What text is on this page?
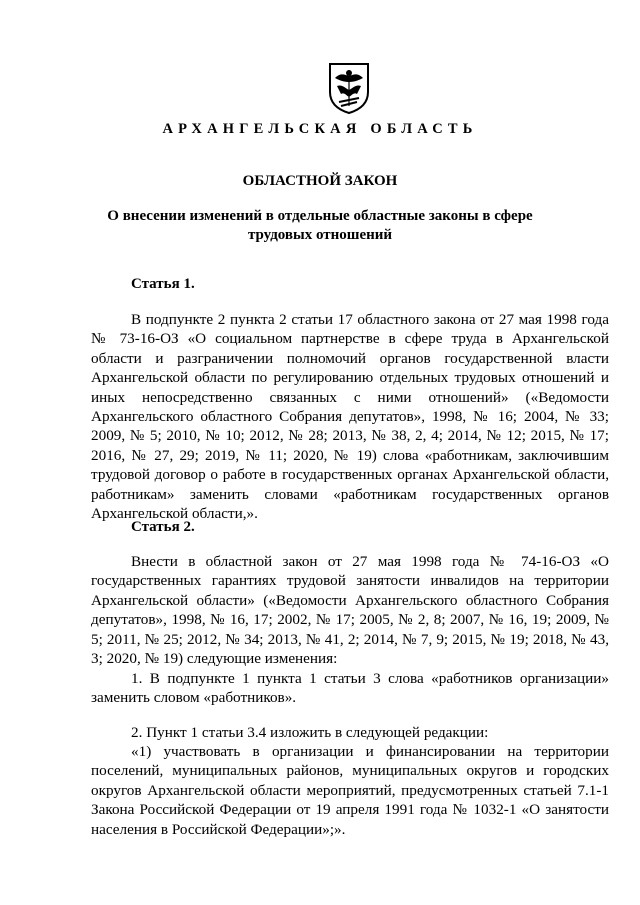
АРХАНГЕЛЬСКАЯ ОБЛАСТЬ
ОБЛАСТНОЙ ЗАКОН
О внесении изменений в отдельные областные законы в сфере трудовых отношений
Статья 1.
В подпункте 2 пункта 2 статьи 17 областного закона от 27 мая 1998 года № 73-16-ОЗ «О социальном партнерстве в сфере труда в Архангельской области и разграничении полномочий органов государственной власти Архангельской области по регулированию отдельных трудовых отношений и иных непосредственно связанных с ними отношений» («Ведомости Архангельского областного Собрания депутатов», 1998, № 16; 2004, № 33; 2009, № 5; 2010, № 10; 2012, № 28; 2013, № 38, 2, 4; 2014, № 12; 2015, № 17; 2016, № 27, 29; 2019, № 11; 2020, № 19) слова «работникам, заключившим трудовой договор о работе в государственных органах Архангельской области, работникам» заменить словами «работникам государственных органов Архангельской области,».
Статья 2.
Внести в областной закон от 27 мая 1998 года № 74-16-ОЗ «О государственных гарантиях трудовой занятости инвалидов на территории Архангельской области» («Ведомости Архангельского областного Собрания депутатов», 1998, № 16, 17; 2002, № 17; 2005, № 2, 8; 2007, № 16, 19; 2009, № 5; 2011, № 25; 2012, № 34; 2013, № 41, 2; 2014, № 7, 9; 2015, № 19; 2018, № 43, 3; 2020, № 19) следующие изменения:
1. В подпункте 1 пункта 1 статьи 3 слова «работников организации» заменить словом «работников».
2. Пункт 1 статьи 3.4 изложить в следующей редакции:
«1) участвовать в организации и финансировании на территории поселений, муниципальных районов, муниципальных округов и городских округов Архангельской области мероприятий, предусмотренных статьей 7.1-1 Закона Российской Федерации от 19 апреля 1991 года № 1032-1 «О занятости населения в Российской Федерации»;».
